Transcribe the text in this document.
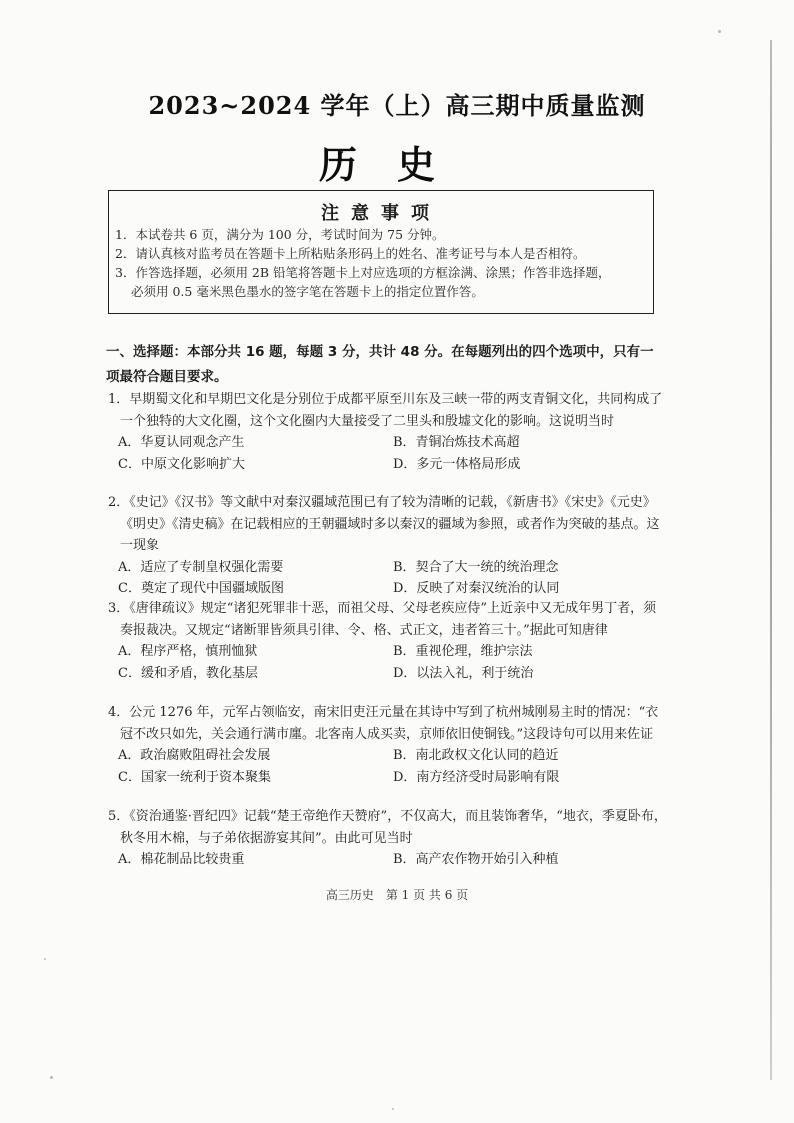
2023~2024 学年（上）高三期中质量监测
历史
注意事项
1．本试卷共 6 页，满分为 100 分，考试时间为 75 分钟。
2．请认真核对监考员在答题卡上所粘贴条形码上的姓名、准考证号与本人是否相符。
3．作答选择题，必须用 2B 铅笔将答题卡上对应选项的方框涂满、涂黑；作答非选择题，
必须用 0.5 毫米黑色墨水的签字笔在答题卡上的指定位置作答。
一、选择题：本部分共 16 题，每题 3 分，共计 48 分。在每题列出的四个选项中，只有一项最符合题目要求。
1．早期蜀文化和早期巴文化是分别位于成都平原至川东及三峡一带的两支青铜文化，共同构成了一个独特的大文化圈，这个文化圈内大量接受了二里头和殷墟文化的影响。这说明当时
A．华夏认同观念产生	B．青铜冶炼技术高超
C．中原文化影响扩大	D．多元一体格局形成
2．《史记》《汉书》等文献中对秦汉疆域范围已有了较为清晰的记载，《新唐书》《宋史》《元史》《明史》《清史稿》在记载相应的王朝疆域时多以秦汉的疆域为参照，或者作为突破的基点。这一现象
A．适应了专制皇权强化需要	B．契合了大一统的统治理念
C．奠定了现代中国疆域版图	D．反映了对秦汉统治的认同
3．《唐律疏议》规定“诸犯死罪非十恶，而祖父母、父母老疾应侍”上近亲中又无成年男丁者，须奏报裁决。又规定“诸断罪皆须具引律、令、格、式正文，违者笞三十。”据此可知唐律
A．程序严格，慎刑恤狱	B．重视伦理，维护宗法
C．缓和矛盾，教化基层	D．以法入礼，利于统治
4．公元 1276 年，元军占领临安，南宋旧吏汪元量在其诗中写到了杭州城刚易主时的情况：“衣冠不改只如先，关会通行满市廛。北客南人成买卖，京师依旧使铜钱。”这段诗句可以用来佐证
A．政治腐败阻碍社会发展	B．南北政权文化认同的趋近
C．国家一统利于资本聚集	D．南方经济受时局影响有限
5．《资治通鉴·晋纪四》记载“楚王帝绝作天赞府”，不仅高大，而且装饰奢华，“地衣，季夏卧布，秋冬用木棉，与子弟依据游宴其间”。由此可见当时
A．棉花制品比较贵重	B．高产农作物开始引入种植
高三历史　第 1 页 共 6 页
